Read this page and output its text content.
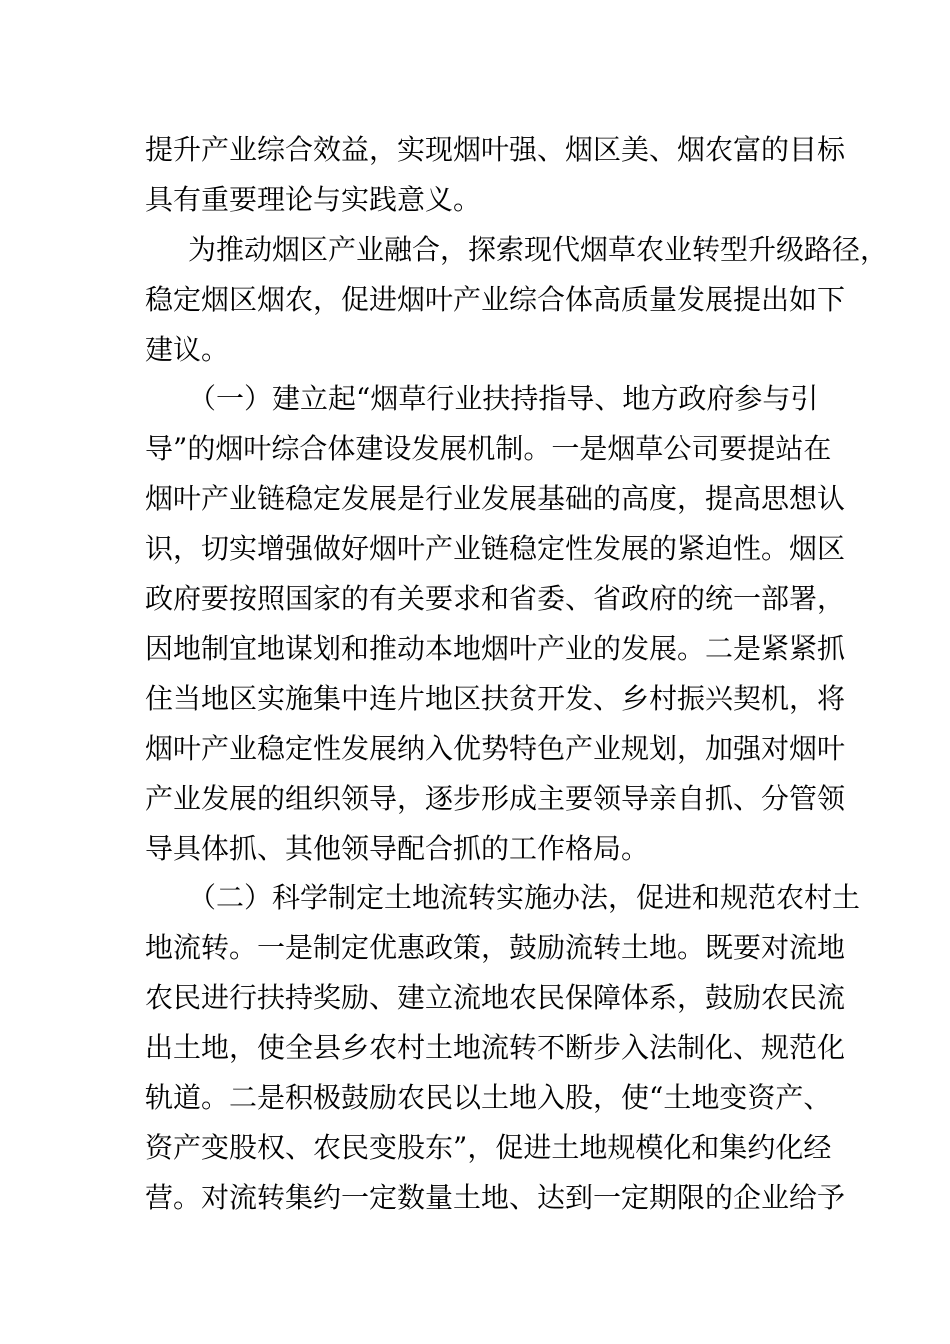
提升产业综合效益，实现烟叶强、烟区美、烟农富的目标
具有重要理论与实践意义。
为推动烟区产业融合，探索现代烟草农业转型升级路径，
稳定烟区烟农，促进烟叶产业综合体高质量发展提出如下
建议。
（一）建立起“烟草行业扶持指导、地方政府参与引
导”的烟叶综合体建设发展机制。一是烟草公司要提站在
烟叶产业链稳定发展是行业发展基础的高度，提高思想认
识，切实增强做好烟叶产业链稳定性发展的紧迫性。烟区
政府要按照国家的有关要求和省委、省政府的统一部署，
因地制宜地谋划和推动本地烟叶产业的发展。二是紧紧抓
住当地区实施集中连片地区扶贫开发、乡村振兴契机，将
烟叶产业稳定性发展纳入优势特色产业规划，加强对烟叶
产业发展的组织领导，逐步形成主要领导亲自抓、分管领
导具体抓、其他领导配合抓的工作格局。
（二）科学制定土地流转实施办法，促进和规范农村土
地流转。一是制定优惠政策，鼓励流转土地。既要对流地
农民进行扶持奖励、建立流地农民保障体系，鼓励农民流
出土地，使全县乡农村土地流转不断步入法制化、规范化
轨道。二是积极鼓励农民以土地入股，使“土地变资产、
资产变股权、农民变股东”，促进土地规模化和集约化经
营。对流转集约一定数量土地、达到一定期限的企业给予
